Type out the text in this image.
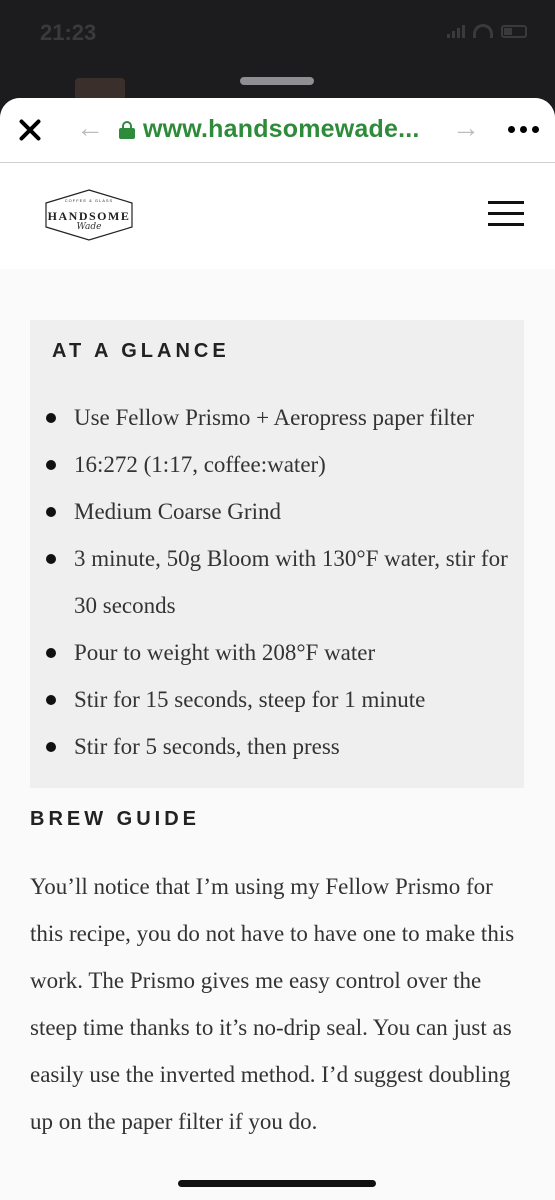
21:23
← www.handsomewade... →
COFFEE & GLASS
HANDSOME
Wade
AT A GLANCE
Use Fellow Prismo + Aeropress paper filter
16:272 (1:17, coffee:water)
Medium Coarse Grind
3 minute, 50g Bloom with 130°F water, stir for 30 seconds
Pour to weight with 208°F water
Stir for 15 seconds, steep for 1 minute
Stir for 5 seconds, then press
BREW GUIDE
You’ll notice that I’m using my Fellow Prismo for this recipe, you do not have to have one to make this work. The Prismo gives me easy control over the steep time thanks to it’s no-drip seal. You can just as easily use the inverted method. I’d suggest doubling up on the paper filter if you do.
